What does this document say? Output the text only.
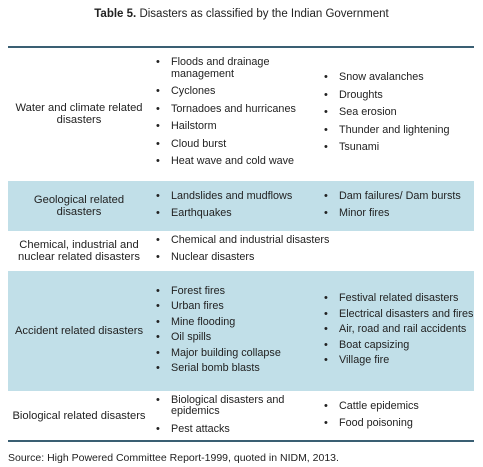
Table 5. Disasters as classified by the Indian Government
Water and climate related disasters
• Floods and drainage management
• Cyclones
• Tornadoes and hurricanes
• Hailstorm
• Cloud burst
• Heat wave and cold wave
• Snow avalanches
• Droughts
• Sea erosion
• Thunder and lightening
• Tsunami
Geological related disasters
• Landslides and mudflows
• Earthquakes
• Dam failures/ Dam bursts
• Minor fires
Chemical, industrial and nuclear related disasters
• Chemical and industrial disasters
• Nuclear disasters
Accident related disasters
• Forest fires
• Urban fires
• Mine flooding
• Oil spills
• Major building collapse
• Serial bomb blasts
• Festival related disasters
• Electrical disasters and fires
• Air, road and rail accidents
• Boat capsizing
• Village fire
Biological related disasters
• Biological disasters and epidemics
• Pest attacks
• Cattle epidemics
• Food poisoning
Source: High Powered Committee Report-1999, quoted in NIDM, 2013.
